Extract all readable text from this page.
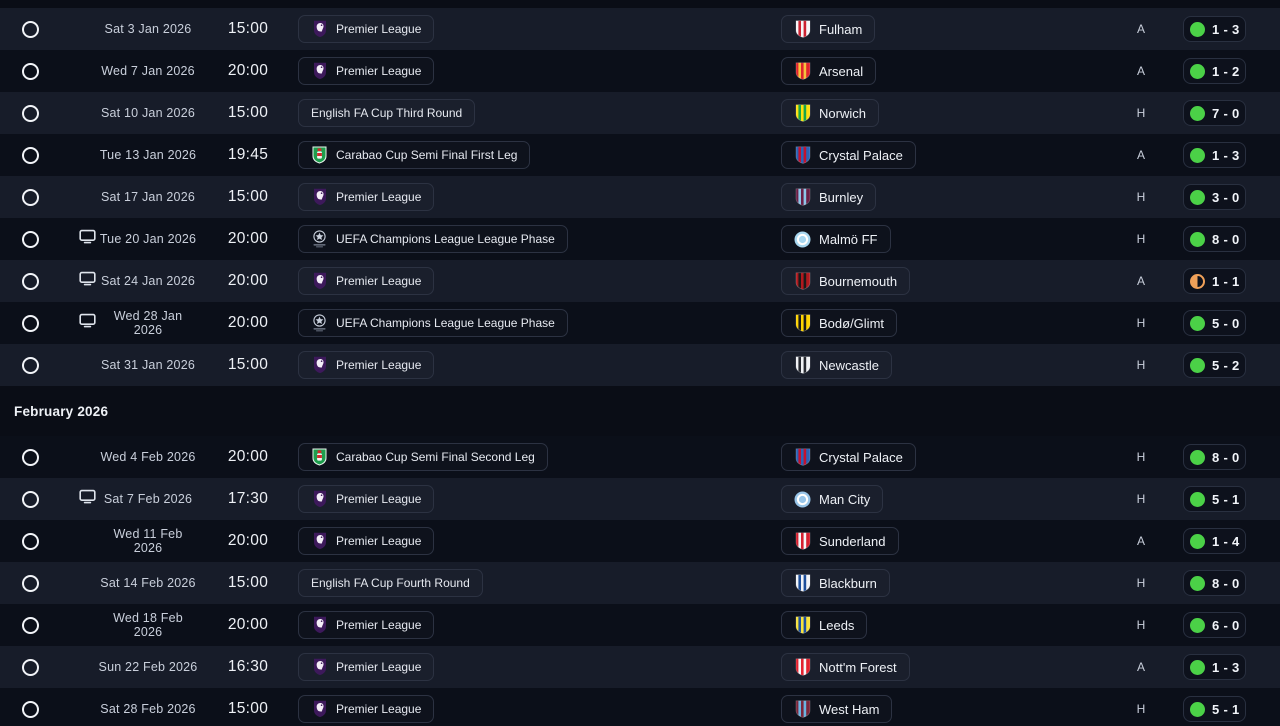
Sat 3 Jan 2026	15:00	Premier League	Fulham	A	1 - 3
Wed 7 Jan 2026	20:00	Premier League	Arsenal	A	1 - 2
Sat 10 Jan 2026	15:00	English FA Cup Third Round	Norwich	H	7 - 0
Tue 13 Jan 2026	19:45	Carabao Cup Semi Final First Leg	Crystal Palace	A	1 - 3
Sat 17 Jan 2026	15:00	Premier League	Burnley	H	3 - 0
Tue 20 Jan 2026	20:00	UEFA Champions League League Phase	Malmö FF	H	8 - 0
Sat 24 Jan 2026	20:00	Premier League	Bournemouth	A	1 - 1
Wed 28 Jan 2026	20:00	UEFA Champions League League Phase	Bodø/Glimt	H	5 - 0
Sat 31 Jan 2026	15:00	Premier League	Newcastle	H	5 - 2
February 2026
Wed 4 Feb 2026	20:00	Carabao Cup Semi Final Second Leg	Crystal Palace	H	8 - 0
Sat 7 Feb 2026	17:30	Premier League	Man City	H	5 - 1
Wed 11 Feb 2026	20:00	Premier League	Sunderland	A	1 - 4
Sat 14 Feb 2026	15:00	English FA Cup Fourth Round	Blackburn	H	8 - 0
Wed 18 Feb 2026	20:00	Premier League	Leeds	H	6 - 0
Sun 22 Feb 2026	16:30	Premier League	Nott'm Forest	A	1 - 3
Sat 28 Feb 2026	15:00	Premier League	West Ham	H	5 - 1
